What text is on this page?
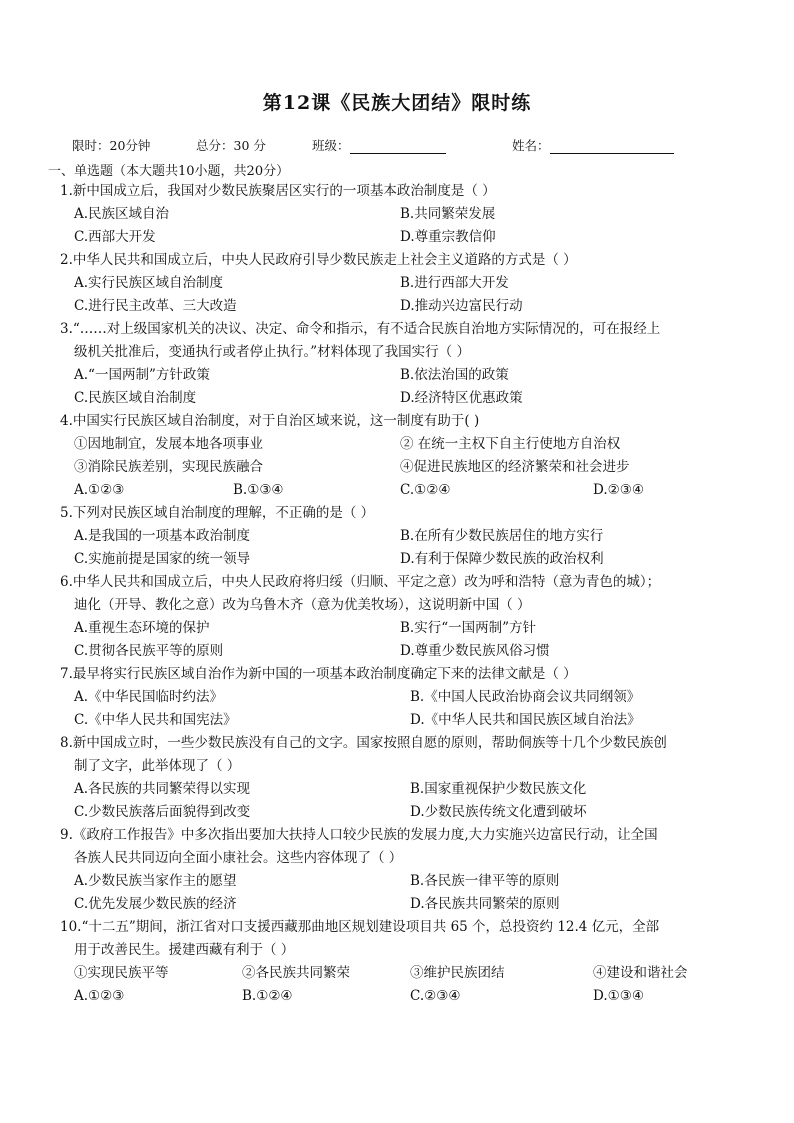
第12课《民族大团结》限时练
限时：20分钟	总分：30 分	班级：	姓名：
一、单选题（本大题共10小题，共20分）
1.新中国成立后，我国对少数民族聚居区实行的一项基本政治制度是（ ）
A.民族区域自治	B.共同繁荣发展
C.西部大开发	D.尊重宗教信仰
2.中华人民共和国成立后，中央人民政府引导少数民族走上社会主义道路的方式是（ ）
A.实行民族区域自治制度	B.进行西部大开发
C.进行民主改革、三大改造	D.推动兴边富民行动
3.“……对上级国家机关的决议、决定、命令和指示，有不适合民族自治地方实际情况的，可在报经上
级机关批准后，变通执行或者停止执行。”材料体现了我国实行（ ）
A.“一国两制”方针政策	B.依法治国的政策
C.民族区域自治制度	D.经济特区优惠政策
4.中国实行民族区域自治制度，对于自治区域来说，这一制度有助于( )
①因地制宜，发展本地各项事业	② 在统一主权下自主行使地方自治权
③消除民族差别，实现民族融合	④促进民族地区的经济繁荣和社会进步
A.①②③	B.①③④	C.①②④	D.②③④
5.下列对民族区域自治制度的理解，不正确的是（ ）
A.是我国的一项基本政治制度	B.在所有少数民族居住的地方实行
C.实施前提是国家的统一领导	D.有利于保障少数民族的政治权利
6.中华人民共和国成立后，中央人民政府将归绥（归顺、平定之意）改为呼和浩特（意为青色的城）；
迪化（开导、教化之意）改为乌鲁木齐（意为优美牧场），这说明新中国（ ）
A.重视生态环境的保护	B.实行“一国两制”方针
C.贯彻各民族平等的原则	D.尊重少数民族风俗习惯
7.最早将实行民族区域自治作为新中国的一项基本政治制度确定下来的法律文献是（ ）
A.《中华民国临时约法》	B.《中国人民政治协商会议共同纲领》
C.《中华人民共和国宪法》	D.《中华人民共和国民族区域自治法》
8.新中国成立时，一些少数民族没有自己的文字。国家按照自愿的原则，帮助侗族等十几个少数民族创
制了文字，此举体现了（ ）
A.各民族的共同繁荣得以实现	B.国家重视保护少数民族文化
C.少数民族落后面貌得到改变	D.少数民族传统文化遭到破坏
9.《政府工作报告》中多次指出要加大扶持人口较少民族的发展力度,大力实施兴边富民行动，让全国
各族人民共同迈向全面小康社会。这些内容体现了（ ）
A.少数民族当家作主的愿望	B.各民族一律平等的原则
C.优先发展少数民族的经济	D.各民族共同繁荣的原则
10.“十二五”期间，浙江省对口支援西藏那曲地区规划建设项目共 65 个，总投资约 12.4 亿元，全部
用于改善民生。援建西藏有利于（ ）
①实现民族平等	②各民族共同繁荣	③维护民族团结	④建设和谐社会
A.①②③	B.①②④	C.②③④	D.①③④
